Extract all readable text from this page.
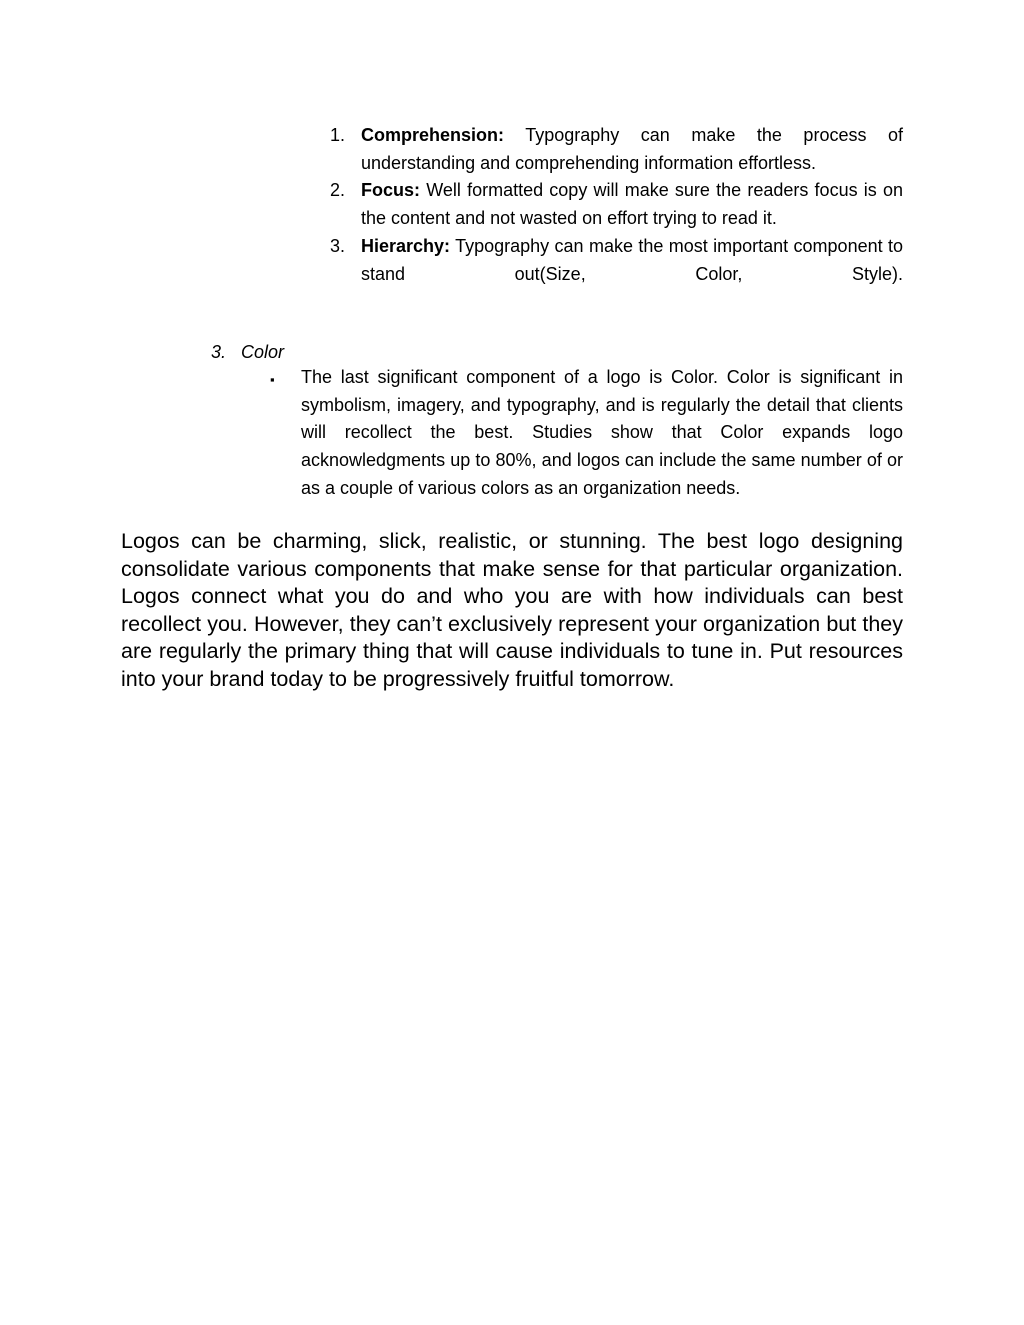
1. Comprehension: Typography can make the process of understanding and comprehending information effortless.
2. Focus: Well formatted copy will make sure the readers focus is on the content and not wasted on effort trying to read it.
3. Hierarchy: Typography can make the most important component to stand out(Size, Color, Style).
3. Color
▪ The last significant component of a logo is Color. Color is significant in symbolism, imagery, and typography, and is regularly the detail that clients will recollect the best. Studies show that Color expands logo acknowledgments up to 80%, and logos can include the same number of or as a couple of various colors as an organization needs.

Logos can be charming, slick, realistic, or stunning. The best logo designing consolidate various components that make sense for that particular organization. Logos connect what you do and who you are with how individuals can best recollect you. However, they can’t exclusively represent your organization but they are regularly the primary thing that will cause individuals to tune in. Put resources into your brand today to be progressively fruitful tomorrow.
